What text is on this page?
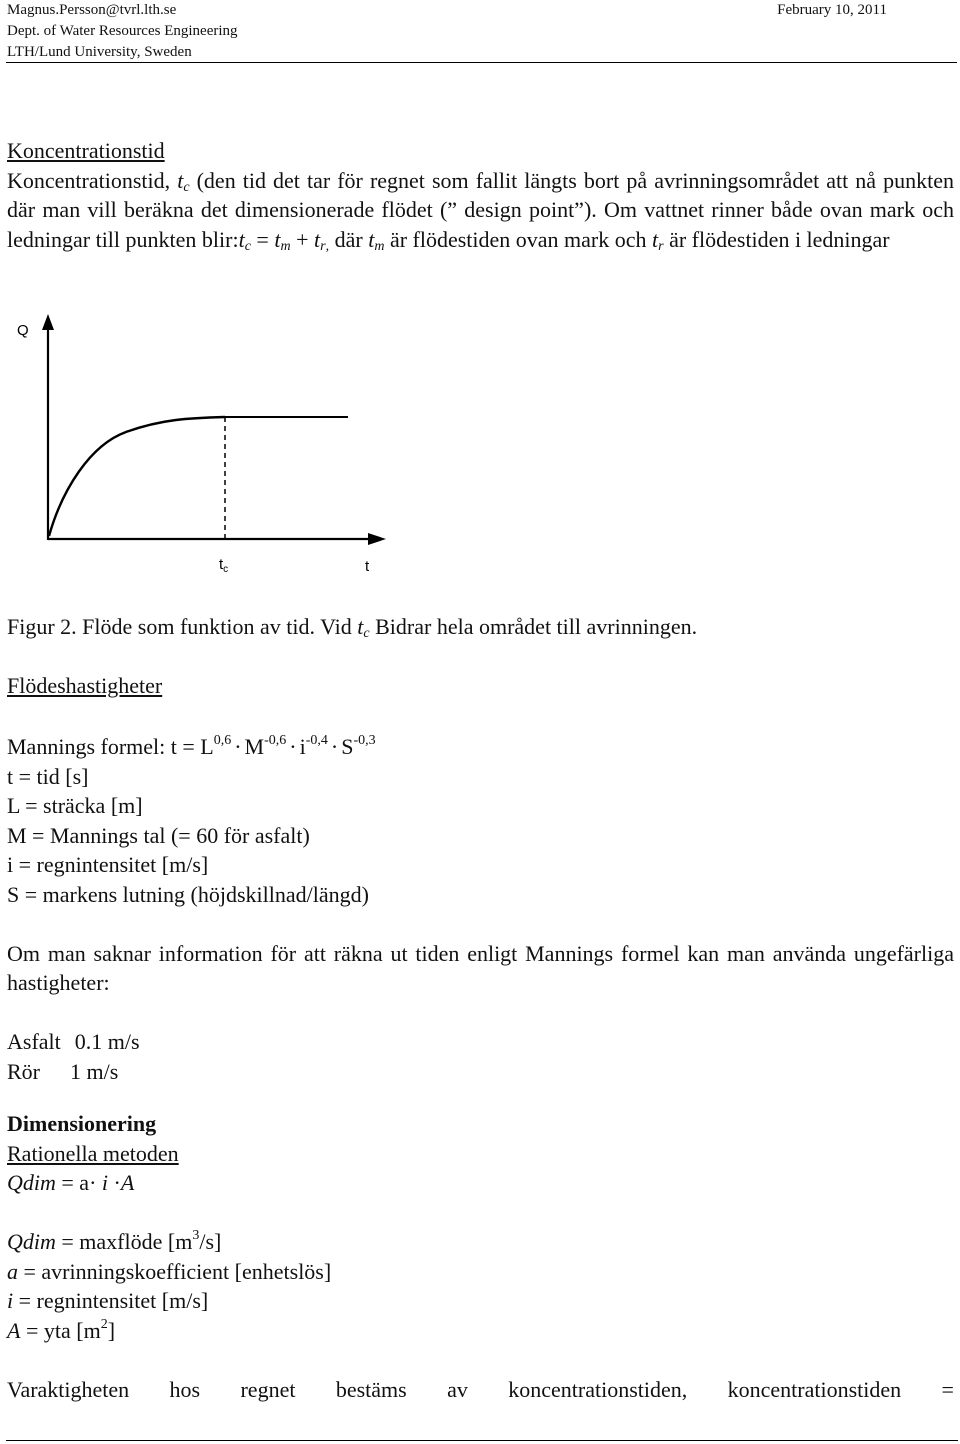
Magnus.Persson@tvrl.lth.se
Dept. of Water Resources Engineering
LTH/Lund University, Sweden
February 10, 2011
Koncentrationstid
Koncentrationstid, $t_c$ (den tid det tar för regnet som fallit längts bort på avrinningsområdet att nå punkten där man vill beräkna det dimensionerade flödet (” design point”). Om vattnet rinner både ovan mark och ledningar till punkten $blir:t_c = t_m + t_{r,}$ där $t_m$ är flödestiden ovan mark och $t_r$ är flödestiden i ledningar
Q
$t_c$	t
Figur 2. Flöde som funktion av tid. Vid $t_c$ Bidrar hela området till avrinningen.
Flödeshastigheter
Mannings formel: $t = L^{0,6} \cdot M^{-0,6} \cdot i^{-0,4} \cdot S^{-0,3}$
t = tid [s]
L = sträcka [m]
M = Mannings tal (= 60 för asfalt)
i = regnintensitet [m/s]
S = markens lutning (höjdskillnad/längd)
Om man saknar information för att räkna ut tiden enligt Mannings formel kan man använda ungefärliga hastigheter:
Asfalt 0.1 m/s
Rör 1 m/s
Dimensionering
Rationella metoden
Qdim = a· i ·A
Qdim = maxflöde $[m^3/s]$
a = avrinningskoefficient [enhetslös]
i = regnintensitet [m/s]
A = yta $[m^2]$
Varaktigheten hos regnet bestäms av koncentrationstiden, koncentrationstiden =
